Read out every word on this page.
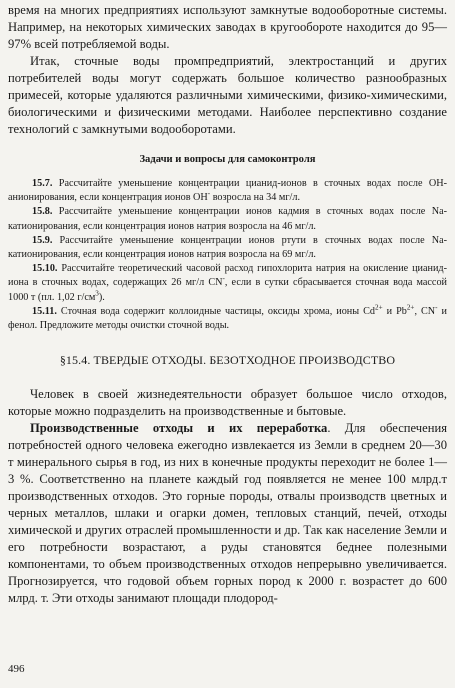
время на многих предприятиях используют замкнутые водооборотные системы. Например, на некоторых химических заводах в кругообороте находится до 95—97% всей потребляемой воды.

Итак, сточные воды промпредприятий, электростанций и других потребителей воды могут содержать большое количество разнообразных примесей, которые удаляются различными химическими, физико-химическими, биологическими и физическими методами. Наиболее перспективно создание технологий с замкнутыми водооборотами.

Задачи и вопросы для самоконтроля

15.7. Рассчитайте уменьшение концентрации цианид-ионов в сточных водах после ОН-анионирования, если концентрация ионов ОН- возросла на 34 мг/л.

15.8. Рассчитайте уменьшение концентрации ионов кадмия в сточных водах после Na-катионирования, если концентрация ионов натрия возросла на 46 мг/л.

15.9. Рассчитайте уменьшение концентрации ионов ртути в сточных водах после Na-катионирования, если концентрация ионов натрия возросла на 69 мг/л.

15.10. Рассчитайте теоретический часовой расход гипохлорита натрия на окисление цианид-иона в сточных водах, содержащих 26 мг/л CN-, если в сутки сбрасывается сточная вода массой 1000 т (пл. 1,02 $г/см^3$).

15.11. Сточная вода содержит коллоидные частицы, оксиды хрома, ионы $Cd^{2+}$ и $Pb^{2+}$, CN- и фенол. Предложите методы очистки сточной воды.

§15.4. ТВЕРДЫЕ ОТХОДЫ. БЕЗОТХОДНОЕ ПРОИЗВОДСТВО

Человек в своей жизнедеятельности образует большое число отходов, которые можно подразделить на производственные и бытовые.

Производственные отходы и их переработка. Для обеспечения потребностей одного человека ежегодно извлекается из Земли в среднем 20—30 т минерального сырья в год, из них в конечные продукты переходит не более 1—3 %. Соответственно на планете каждый год появляется не менее 100 млрд.т производственных отходов. Это горные породы, отвалы производств цветных и черных металлов, шлаки и огарки домен, тепловых станций, печей, отходы химической и других отраслей промышленности и др. Так как население Земли и его потребности возрастают, а руды становятся беднее полезными компонентами, то объем производственных отходов непрерывно увеличивается. Прогнозируется, что годовой объем горных пород к 2000 г. возрастет до 600 млрд. т. Эти отходы занимают площади плодород-

496
